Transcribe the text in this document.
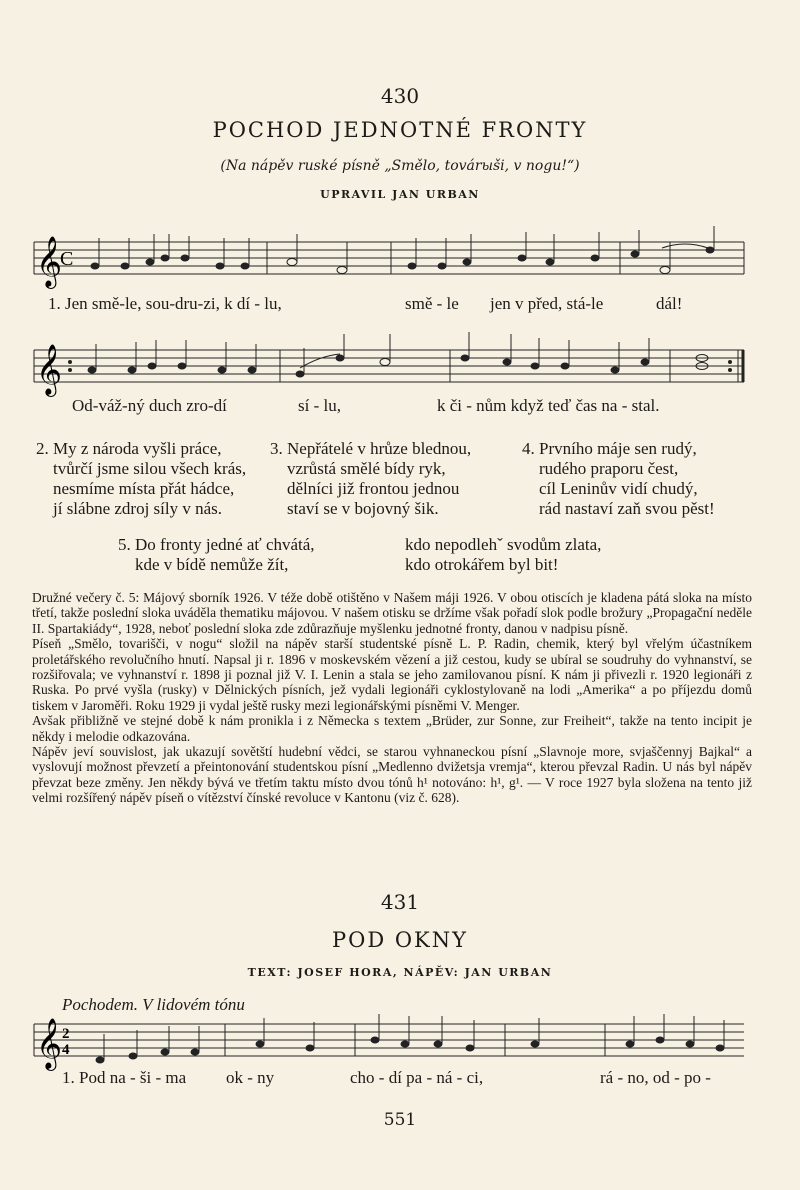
430
POCHOD JEDNOTNÉ FRONTY
(Na nápěv ruské písně „Smělo, továrыši, v nogu!“)
UPRAVIL JAN URBAN
𝄞
C
1. Jen smě-le, sou-dru-zi, k dí - lu,	smě - le jen v před, stá-le	dál!
𝄞
Od-váž-ný duch zro-dí	sí - lu,	k či - nům když teď čas na - stal.
2. My z národa vyšli práce,
tvůrčí jsme silou všech krás,
nesmíme místa přát hádce,
jí slábne zdroj síly v nás.
3. Nepřátelé v hrůze blednou,
vzrůstá smělé bídy ryk,
dělníci již frontou jednou
staví se v bojovný šik.
4. Prvního máje sen rudý,
rudého praporu čest,
cíl Leninův vidí chudý,
rád nastaví zaň svou pěst!
5. Do fronty jedné ať chvátá,
kde v bídě nemůže žít,
kdo nepodlehˇ svodům zlata,
kdo otrokářem byl bit!

Družné večery č. 5: Májový sborník 1926. V téže době otištěno v Našem máji 1926. V obou otiscích je kladena pátá sloka na místo třetí, takže poslední sloka uváděla thematiku májovou. V našem otisku se držíme však pořadí slok podle brožury „Propagační neděle II. Spartakiády“, 1928, neboť poslední sloka zde zdůrazňuje myšlenku jednotné fronty, danou v nadpisu písně.

Píseň „Smělo, tovarišči, v nogu“ složil na nápěv starší studentské písně L. P. Radin, chemik, který byl vřelým účastníkem proletářského revolučního hnutí. Napsal ji r. 1896 v moskevském vězení a již cestou, kudy se ubíral se soudruhy do vyhnanství, se rozšiřovala; ve vyhnanství r. 1898 ji poznal již V. I. Lenin a stala se jeho zamilovanou písní. K nám ji přivezli r. 1920 legionáři z Ruska. Po prvé vyšla (rusky) v Dělnických písních, jež vydali legionáři cyklostylovaně na lodi „Amerika“ a po příjezdu domů tiskem v Jaroměři. Roku 1929 ji vydal ještě rusky mezi legionářskými písněmi V. Menger.

Avšak přibližně ve stejné době k nám pronikla i z Německa s textem „Brüder, zur Sonne, zur Freiheit“, takže na tento incipit je někdy i melodie odkazována.

Nápěv jeví souvislost, jak ukazují sovětští hudební vědci, se starou vyhnaneckou písní „Slavnoje more, svjaščennyj Bajkal“ a vyslovují možnost převzetí a přeintonování studentskou písní „Medlenno dvižetsja vremja“, kterou převzal Radin. U nás byl nápěv převzat beze změny. Jen někdy bývá ve třetím taktu místo dvou tónů h¹ notováno: h¹, g¹. — V roce 1927 byla složena na tento již velmi rozšířený nápěv píseň o vítězství čínské revoluce v Kantonu (viz č. 628).

431
POD OKNY
TEXT: JOSEF HORA, NÁPĚV: JAN URBAN
Pochodem. V lidovém tónu
𝄞 2
4
1. Pod na - ši - ma ok - ny	cho - dí pa - ná - ci,	rá - no, od - po -
551
